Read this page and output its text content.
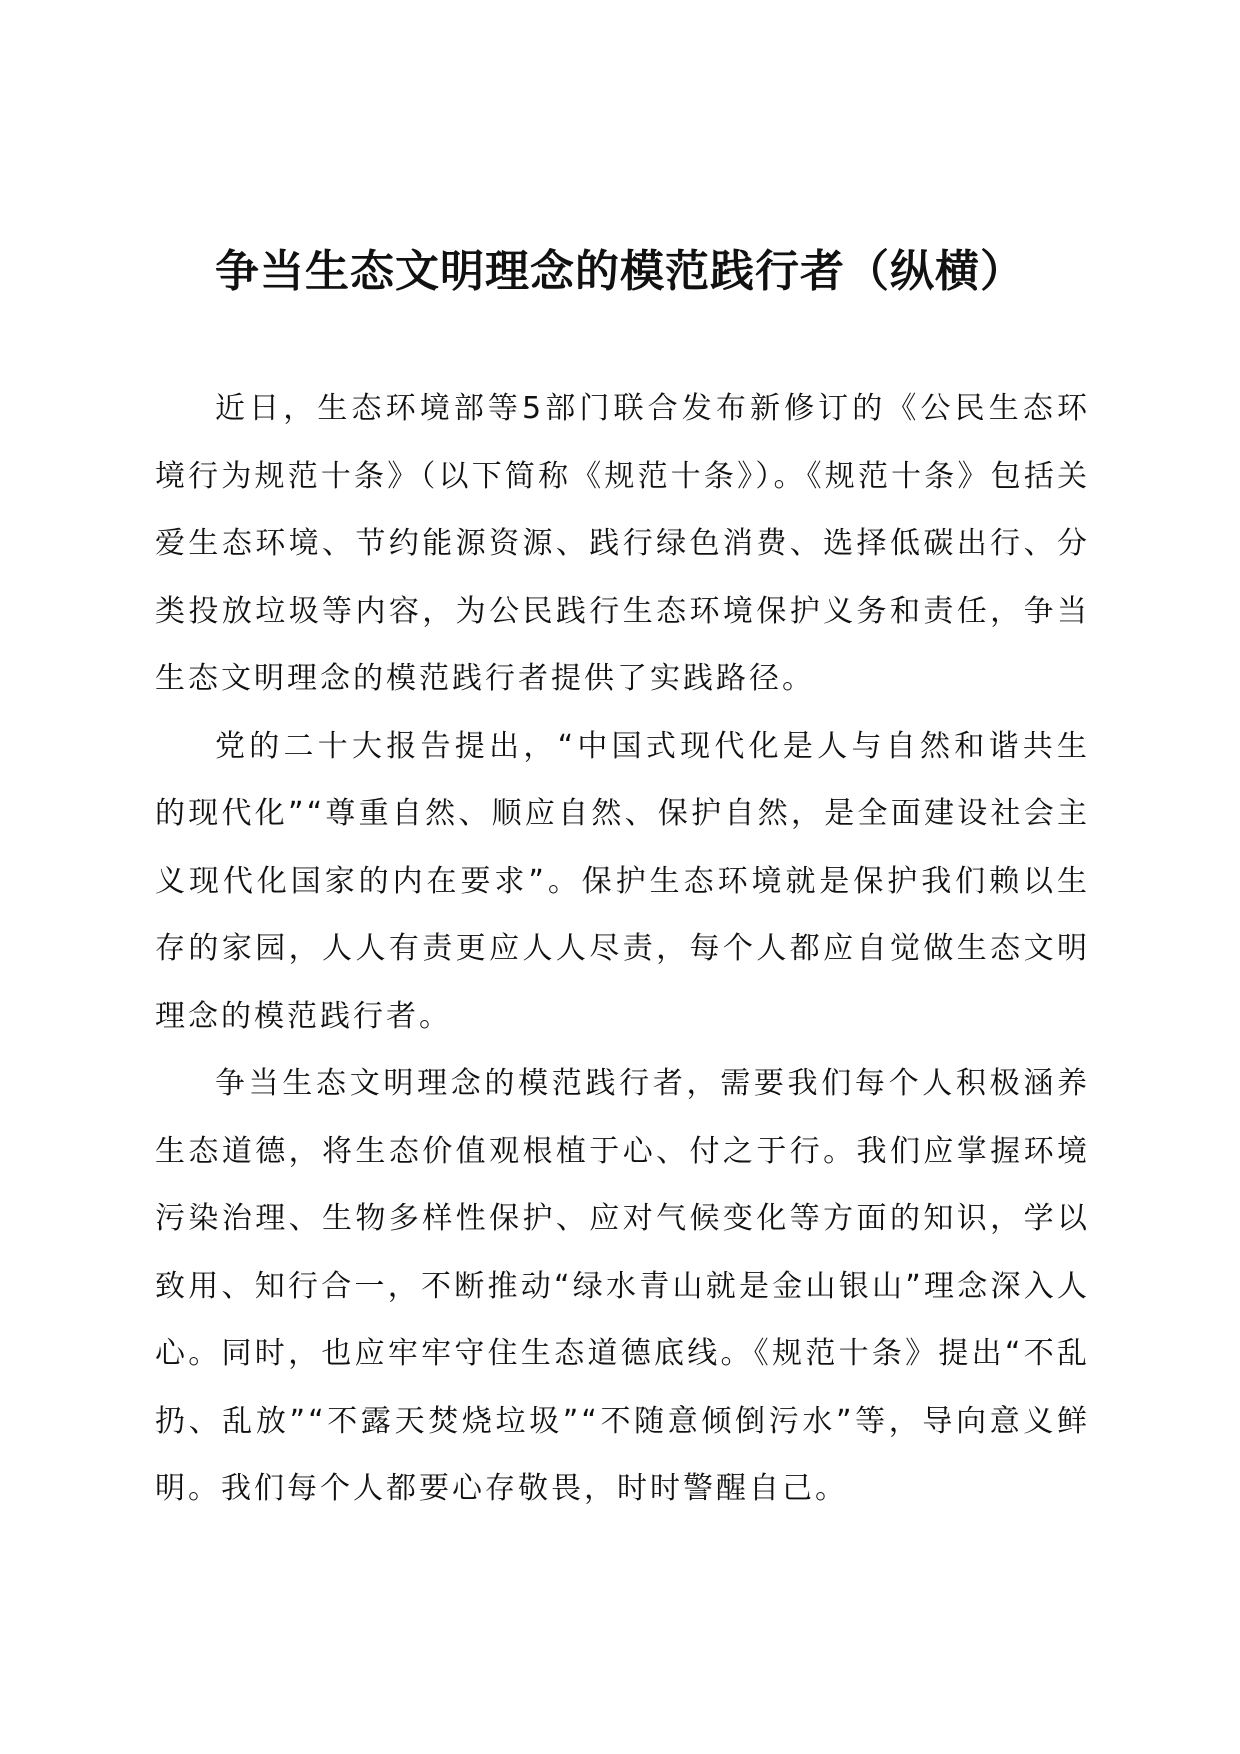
争当生态文明理念的模范践行者（纵横）

近日，生态环境部等5部门联合发布新修订的《公民生态环境行为规范十条》（以下简称《规范十条》）。《规范十条》包括关爱生态环境、节约能源资源、践行绿色消费、选择低碳出行、分类投放垃圾等内容，为公民践行生态环境保护义务和责任，争当生态文明理念的模范践行者提供了实践路径。

党的二十大报告提出，“中国式现代化是人与自然和谐共生的现代化”“尊重自然、顺应自然、保护自然，是全面建设社会主义现代化国家的内在要求”。保护生态环境就是保护我们赖以生存的家园，人人有责更应人人尽责，每个人都应自觉做生态文明理念的模范践行者。

争当生态文明理念的模范践行者，需要我们每个人积极涵养生态道德，将生态价值观根植于心、付之于行。我们应掌握环境污染治理、生物多样性保护、应对气候变化等方面的知识，学以致用、知行合一，不断推动“绿水青山就是金山银山”理念深入人心。同时，也应牢牢守住生态道德底线。《规范十条》提出“不乱扔、乱放”“不露天焚烧垃圾”“不随意倾倒污水”等，导向意义鲜明。我们每个人都要心存敬畏，时时警醒自己。
